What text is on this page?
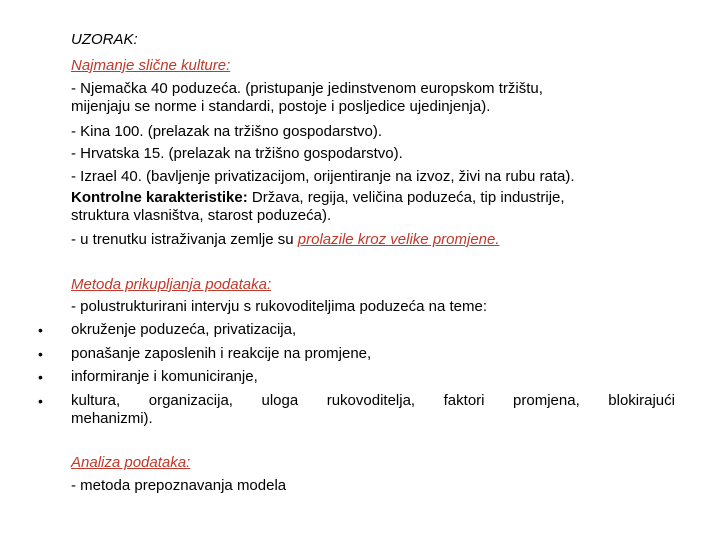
UZORAK:
Najmanje slične kulture:
- Njemačka 40 poduzeća. (pristupanje jedinstvenom europskom tržištu,
mijenjaju se norme i standardi, postoje i posljedice ujedinjenja).
- Kina 100. (prelazak na tržišno gospodarstvo).
- Hrvatska 15. (prelazak na tržišno gospodarstvo).
- Izrael 40. (bavljenje privatizacijom, orijentiranje na izvoz, živi na rubu rata).
Kontrolne karakteristike: Država, regija, veličina poduzeća, tip industrije,
struktura vlasništva, starost poduzeća).
- u trenutku istraživanja zemlje su prolazile kroz velike promjene.
Metoda prikupljanja podataka:
- polustrukturirani intervju s rukovoditeljima poduzeća na teme:
• okruženje poduzeća, privatizacija,
• ponašanje zaposlenih i reakcije na promjene,
• informiranje i komuniciranje,
• kultura, organizacija, uloga rukovoditelja, faktori promjena, blokirajući
mehanizmi).
Analiza podataka:
- metoda prepoznavanja modela
